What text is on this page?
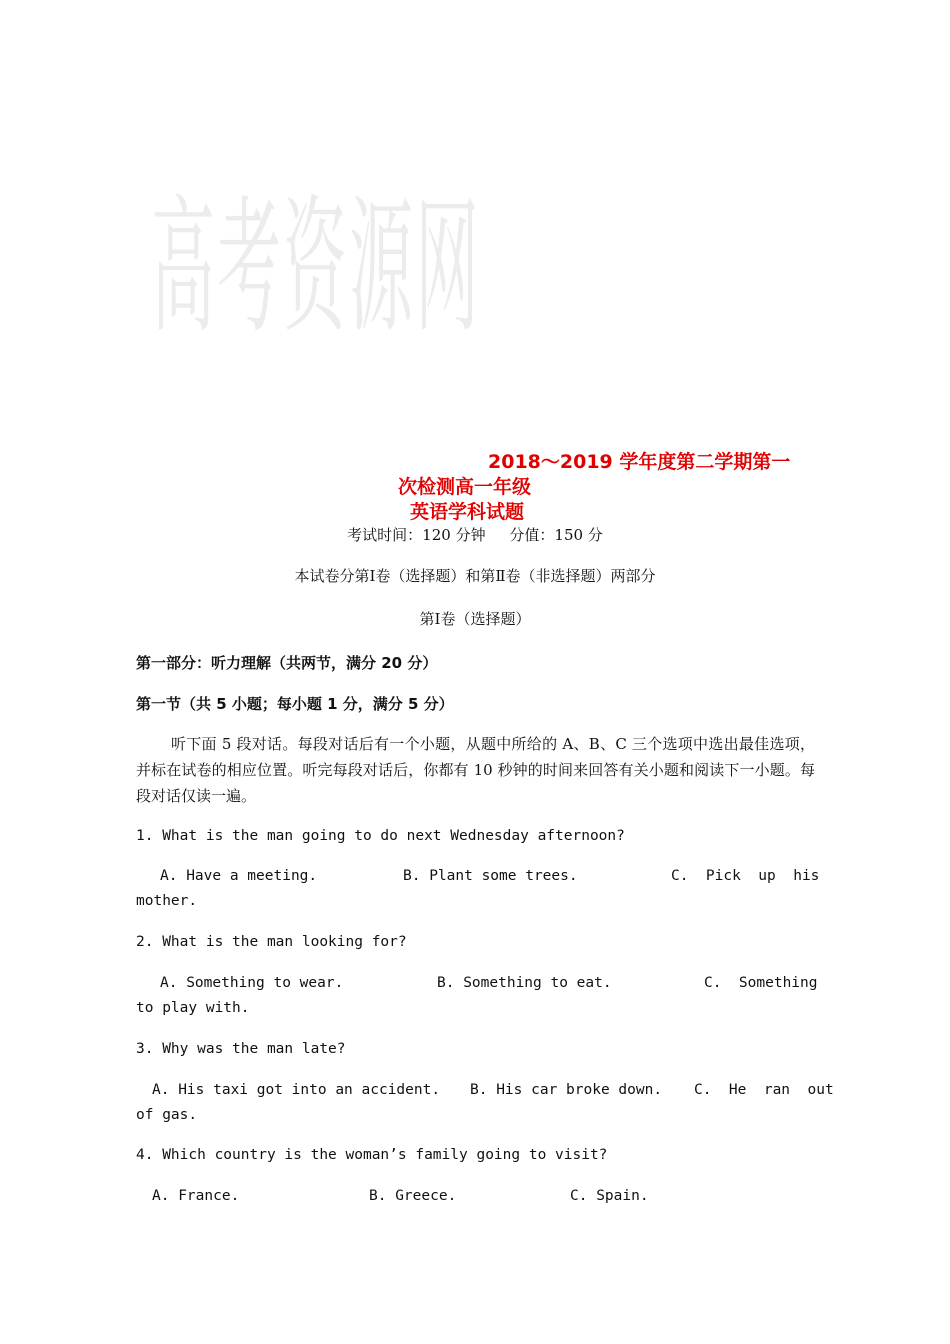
高考资源网
2018～2019 学年度第二学期第一
次检测高一年级
英语学科试题
考试时间：120 分钟     分值：150 分
本试卷分第Ⅰ卷（选择题）和第Ⅱ卷（非选择题）两部分
第Ⅰ卷（选择题）
第一部分：听力理解（共两节，满分 20 分）
第一节（共 5 小题；每小题 1 分，满分 5 分）
听下面 5 段对话。每段对话后有一个小题，从题中所给的 A、B、C 三个选项中选出最佳选项，并标在试卷的相应位置。听完每段对话后，你都有 10 秒钟的时间来回答有关小题和阅读下一小题。每段对话仅读一遍。
1. What is the man going to do next Wednesday afternoon?
A. Have a meeting.	B. Plant some trees.	C.  Pick  up  his
mother.
2. What is the man looking for?
A. Something to wear.	B. Something to eat.	C.  Something
to play with.
3. Why was the man late?
A. His taxi got into an accident. B. His car broke down. C.  He  ran  out
of gas.
4. Which country is the woman’s family going to visit?
A. France.	B. Greece.	C. Spain.
